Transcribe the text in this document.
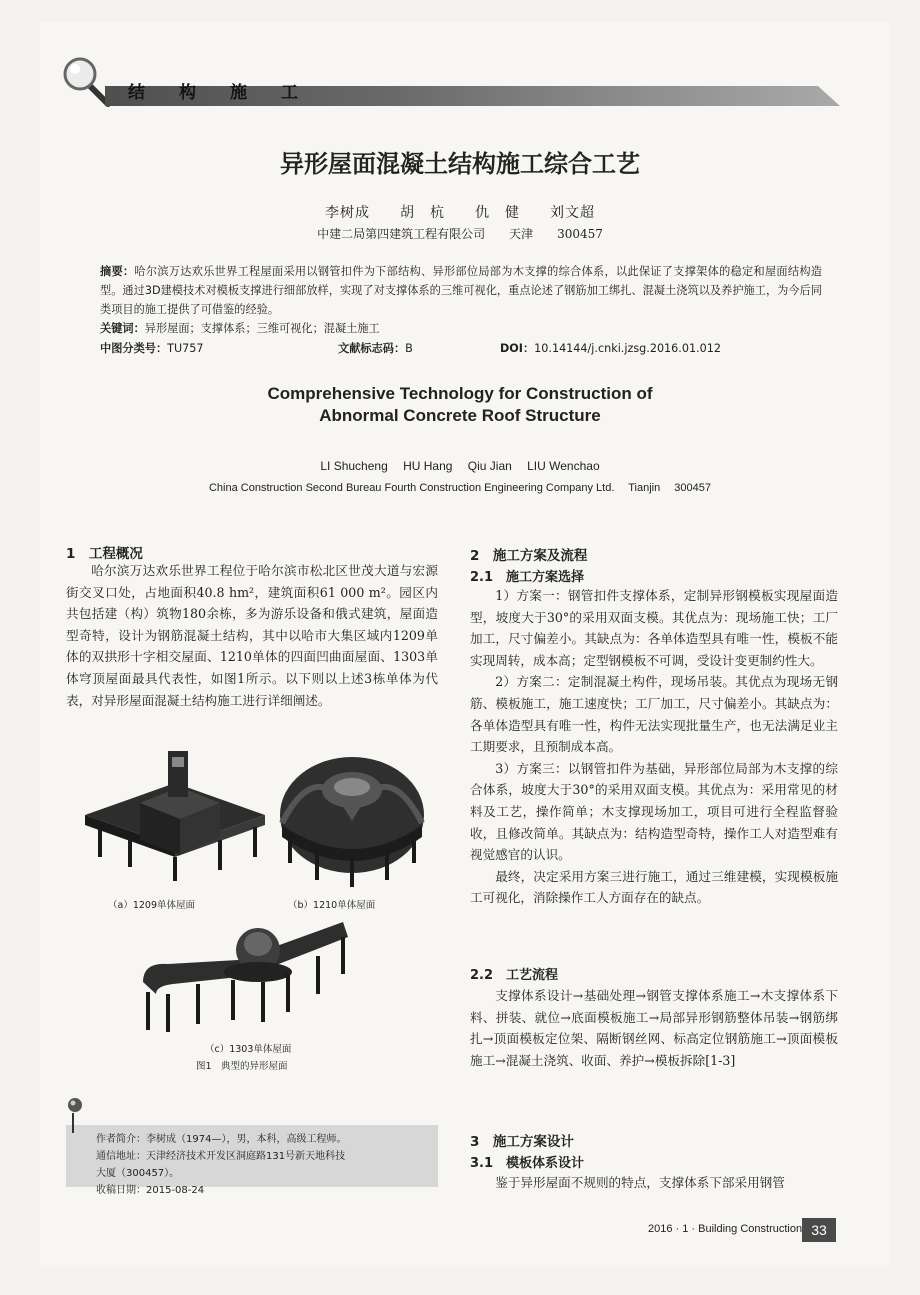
结构施工
异形屋面混凝土结构施工综合工艺
李树成　　胡　杭　　仇　健　　刘文超
中建二局第四建筑工程有限公司　　天津　　300457
摘要：哈尔滨万达欢乐世界工程屋面采用以钢管扣件为下部结构、异形部位局部为木支撑的综合体系，以此保证了支撑架体的稳定和屋面结构造型。通过3D建模技术对模板支撑进行细部放样，实现了对支撑体系的三维可视化，重点论述了钢筋加工绑扎、混凝土浇筑以及养护施工，为今后同类项目的施工提供了可借鉴的经验。
关键词：异形屋面；支撑体系；三维可视化；混凝土施工
中图分类号：TU757	文献标志码：B	DOI：10.14144/j.cnki.jzsg.2016.01.012
Comprehensive Technology for Construction of
Abnormal Concrete Roof Structure
LI Shucheng　 HU Hang　 Qiu Jian　 LIU Wenchao
China Construction Second Bureau Fourth Construction Engineering Company Ltd.　 Tianjin　 300457
1　工程概况

哈尔滨万达欢乐世界工程位于哈尔滨市松北区世茂大道与宏源街交叉口处，占地面积40.8 hm²，建筑面积61 000 m²。园区内共包括建（构）筑物180余栋，多为游乐设备和俄式建筑，屋面造型奇特，设计为钢筋混凝土结构，其中以哈市大集区域内1209单体的双拱形十字相交屋面、1210单体的四面凹曲面屋面、1303单体穹顶屋面最具代表性，如图1所示。以下则以上述3栋单体为代表，对异形屋面混凝土结构施工进行详细阐述。

（a）1209单体屋面	（b）1210单体屋面
（c）1303单体屋面
图1　典型的异形屋面
作者简介：李树成（1974—），男，本科，高级工程师。
通信地址：天津经济技术开发区洞庭路131号新天地科技
大厦（300457）。
收稿日期：2015-08-24
2　施工方案及流程
2.1　施工方案选择

1）方案一：钢管扣件支撑体系，定制异形钢模板实现屋面造型，坡度大于30°的采用双面支模。其优点为：现场施工快；工厂加工，尺寸偏差小。其缺点为：各单体造型具有唯一性，模板不能实现周转，成本高；定型钢模板不可调，受设计变更制约性大。

2）方案二：定制混凝土构件，现场吊装。其优点为现场无钢筋、模板施工，施工速度快；工厂加工，尺寸偏差小。其缺点为：各单体造型具有唯一性，构件无法实现批量生产，也无法满足业主工期要求，且预制成本高。

3）方案三：以钢管扣件为基础，异形部位局部为木支撑的综合体系，坡度大于30°的采用双面支模。其优点为：采用常见的材料及工艺，操作简单；木支撑现场加工，项目可进行全程监督验收，且修改简单。其缺点为：结构造型奇特，操作工人对造型难有视觉感官的认识。

最终，决定采用方案三进行施工，通过三维建模，实现模板施工可视化，消除操作工人方面存在的缺点。

2.2　工艺流程

支撑体系设计→基础处理→钢管支撑体系施工→木支撑体系下料、拼装、就位→底面模板施工→局部异形钢筋整体吊装→钢筋绑扎→顶面模板定位架、隔断钢丝网、标高定位钢筋施工→顶面模板施工→混凝土浇筑、收面、养护→模板拆除[1-3]

3　施工方案设计
3.1　模板体系设计

鉴于异形屋面不规则的特点，支撑体系下部采用钢管

2016 · 1 · Building Construction 33
